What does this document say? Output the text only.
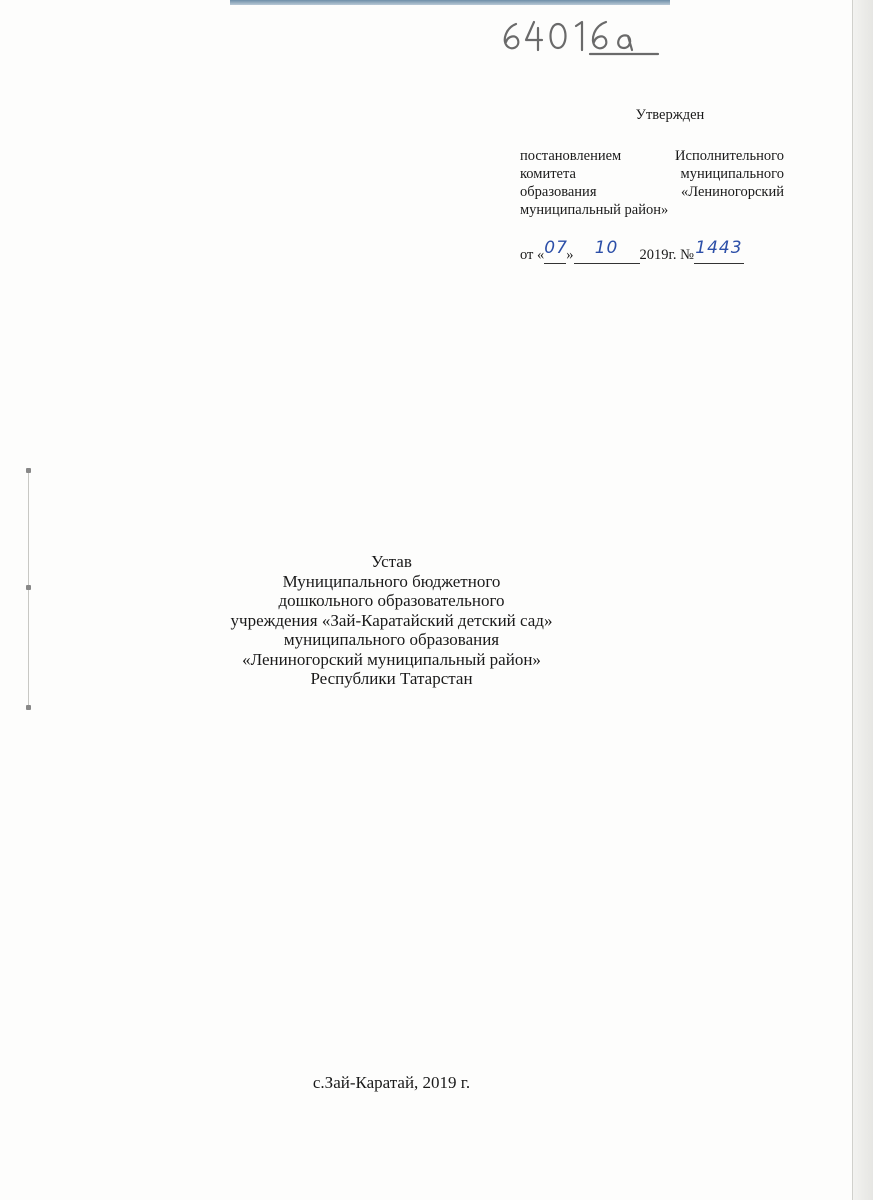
Утвержден
постановлением	Исполнительного
комитета	муниципального
образования	«Лениногорский
муниципальный район»
от « 07
»	10	2019г. № 1443
Устав
Муниципального бюджетного
дошкольного образовательного
учреждения «Зай-Каратайский детский сад»
муниципального образования
«Лениногорский муниципальный район»
Республики Татарстан
с.Зай-Каратай, 2019 г.
